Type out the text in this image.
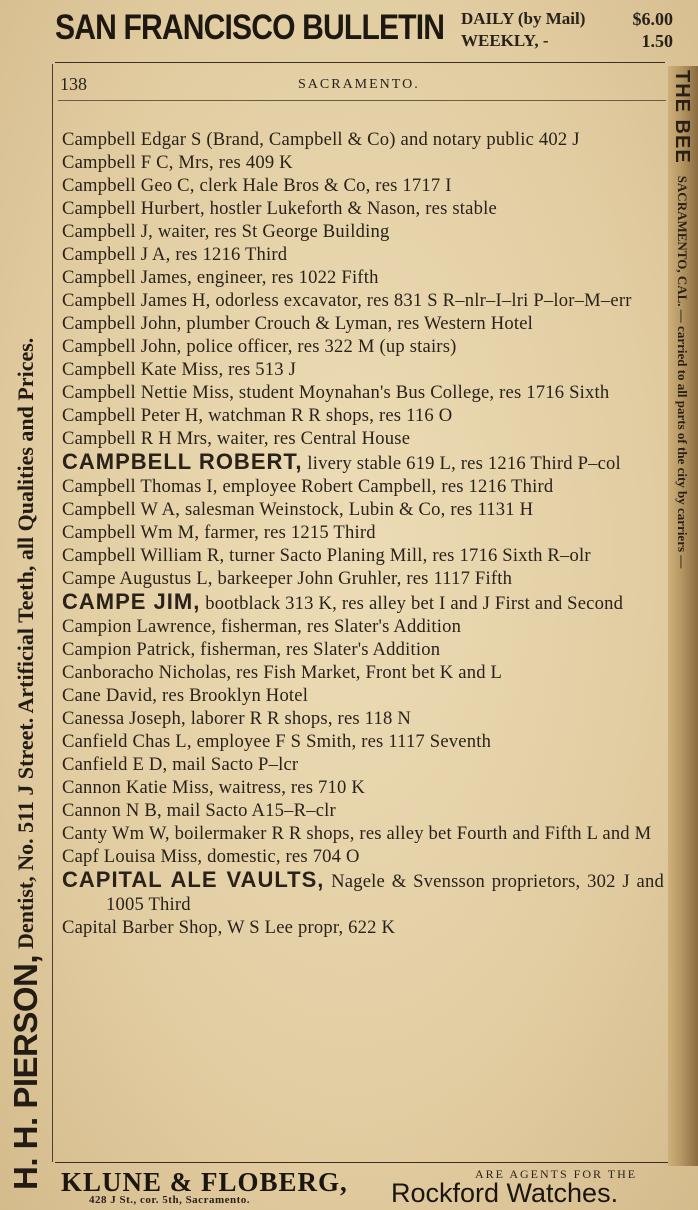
SAN FRANCISCO BULLETIN DAILY (by Mail)	$6.00
WEEKLY, -	1.50
138	SACRAMENTO.
H. H. PIERSON,
Dentist, No. 511 J Street. Artificial Teeth, all Qualities and Prices.
THE BEE
SACRAMENTO, CAL. — carried to all parts of the city by carriers —
Campbell Edgar S (Brand, Campbell & Co) and notary public 402 J
Campbell F C, Mrs, res 409 K
Campbell Geo C, clerk Hale Bros & Co, res 1717 I
Campbell Hurbert, hostler Lukeforth & Nason, res stable
Campbell J, waiter, res St George Building
Campbell J A, res 1216 Third
Campbell James, engineer, res 1022 Fifth
Campbell James H, odorless excavator, res 831 S R–nlr–I–lri P–lor–M–err
Campbell John, plumber Crouch & Lyman, res Western Hotel
Campbell John, police officer, res 322 M (up stairs)
Campbell Kate Miss, res 513 J
Campbell Nettie Miss, student Moynahan's Bus College, res 1716 Sixth
Campbell Peter H, watchman R R shops, res 116 O
Campbell R H Mrs, waiter, res Central House
CAMPBELL ROBERT, livery stable 619 L, res 1216 Third P–col
Campbell Thomas I, employee Robert Campbell, res 1216 Third
Campbell W A, salesman Weinstock, Lubin & Co, res 1131 H
Campbell Wm M, farmer, res 1215 Third
Campbell William R, turner Sacto Planing Mill, res 1716 Sixth R–olr
Campe Augustus L, barkeeper John Gruhler, res 1117 Fifth
CAMPE JIM, bootblack 313 K, res alley bet I and J First and Second
Campion Lawrence, fisherman, res Slater's Addition
Campion Patrick, fisherman, res Slater's Addition
Canboracho Nicholas, res Fish Market, Front bet K and L
Cane David, res Brooklyn Hotel
Canessa Joseph, laborer R R shops, res 118 N
Canfield Chas L, employee F S Smith, res 1117 Seventh
Canfield E D, mail Sacto P–lcr
Cannon Katie Miss, waitress, res 710 K
Cannon N B, mail Sacto A15–R–clr
Canty Wm W, boilermaker R R shops, res alley bet Fourth and Fifth L and M
Capf Louisa Miss, domestic, res 704 O
CAPITAL ALE VAULTS, Nagele & Svensson proprietors, 302 J and 1005 Third
Capital Barber Shop, W S Lee propr, 622 K
KLUNE & FLOBERG,
428 J St., cor. 5th, Sacramento.
ARE AGENTS FOR THE
Rockford Watches.
